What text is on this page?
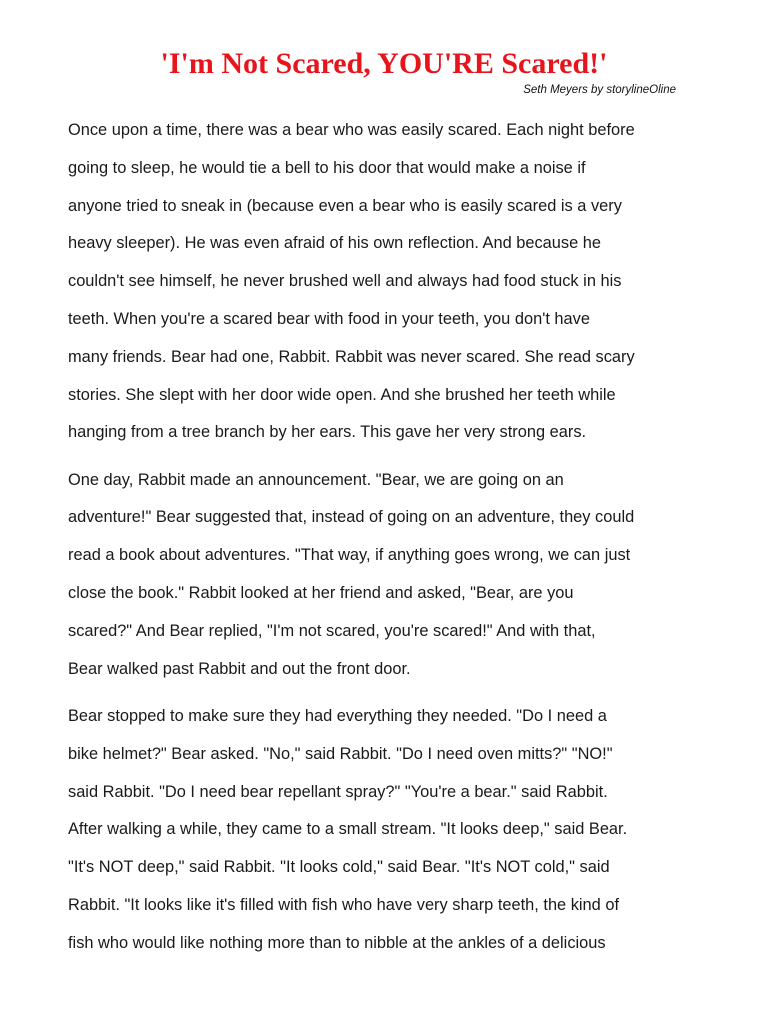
'I'm Not Scared, YOU'RE Scared!'

Seth Meyers by storylineOline

Once upon a time, there was a bear who was easily scared. Each night before
going to sleep, he would tie a bell to his door that would make a noise if
anyone tried to sneak in (because even a bear who is easily scared is a very
heavy sleeper). He was even afraid of his own reflection. And because he
couldn't see himself, he never brushed well and always had food stuck in his
teeth. When you're a scared bear with food in your teeth, you don't have
many friends. Bear had one, Rabbit. Rabbit was never scared. She read scary
stories. She slept with her door wide open. And she brushed her teeth while
hanging from a tree branch by her ears. This gave her very strong ears.

One day, Rabbit made an announcement. "Bear, we are going on an
adventure!" Bear suggested that, instead of going on an adventure, they could
read a book about adventures. "That way, if anything goes wrong, we can just
close the book." Rabbit looked at her friend and asked, "Bear, are you
scared?" And Bear replied, "I'm not scared, you're scared!" And with that,
Bear walked past Rabbit and out the front door.

Bear stopped to make sure they had everything they needed. "Do I need a
bike helmet?" Bear asked. "No," said Rabbit. "Do I need oven mitts?" "NO!"
said Rabbit. "Do I need bear repellant spray?" "You're a bear." said Rabbit.
After walking a while, they came to a small stream. "It looks deep," said Bear.
"It's NOT deep," said Rabbit. "It looks cold," said Bear. "It's NOT cold," said
Rabbit. "It looks like it's filled with fish who have very sharp teeth, the kind of
fish who would like nothing more than to nibble at the ankles of a delicious
